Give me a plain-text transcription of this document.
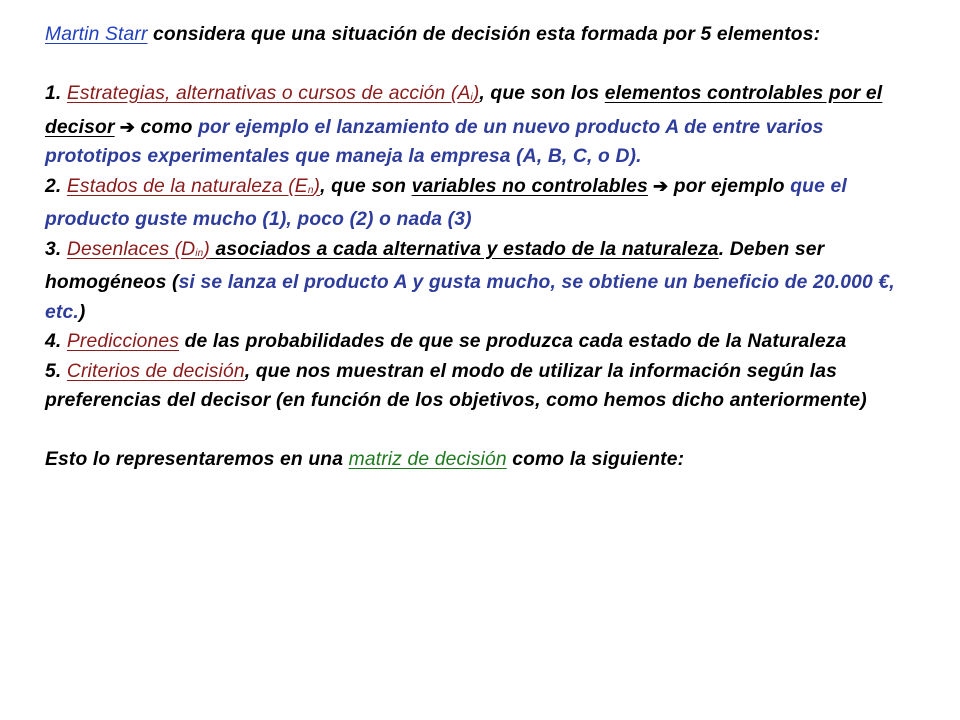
Martin Starr considera que una situación de decisión esta formada por 5 elementos:

1. Estrategias, alternativas o cursos de acción $(A_i)$, que son los elementos controlables por el decisor ➔ como por ejemplo el lanzamiento de un nuevo producto A de entre varios prototipos experimentales que maneja la empresa (A, B, C, o D).

2. Estados de la naturaleza $(E_n)$, que son variables no controlables ➔ por ejemplo que el producto guste mucho (1), poco (2) o nada (3)

3. Desenlaces $(D_{in})$ asociados a cada alternativa y estado de la naturaleza. Deben ser homogéneos (si se lanza el producto A y gusta mucho, se obtiene un beneficio de 20.000 €, etc.)

4. Predicciones de las probabilidades de que se produzca cada estado de la Naturaleza

5. Criterios de decisión, que nos muestran el modo de utilizar la información según las preferencias del decisor (en función de los objetivos, como hemos dicho anteriormente)

Esto lo representaremos en una matriz de decisión como la siguiente:
